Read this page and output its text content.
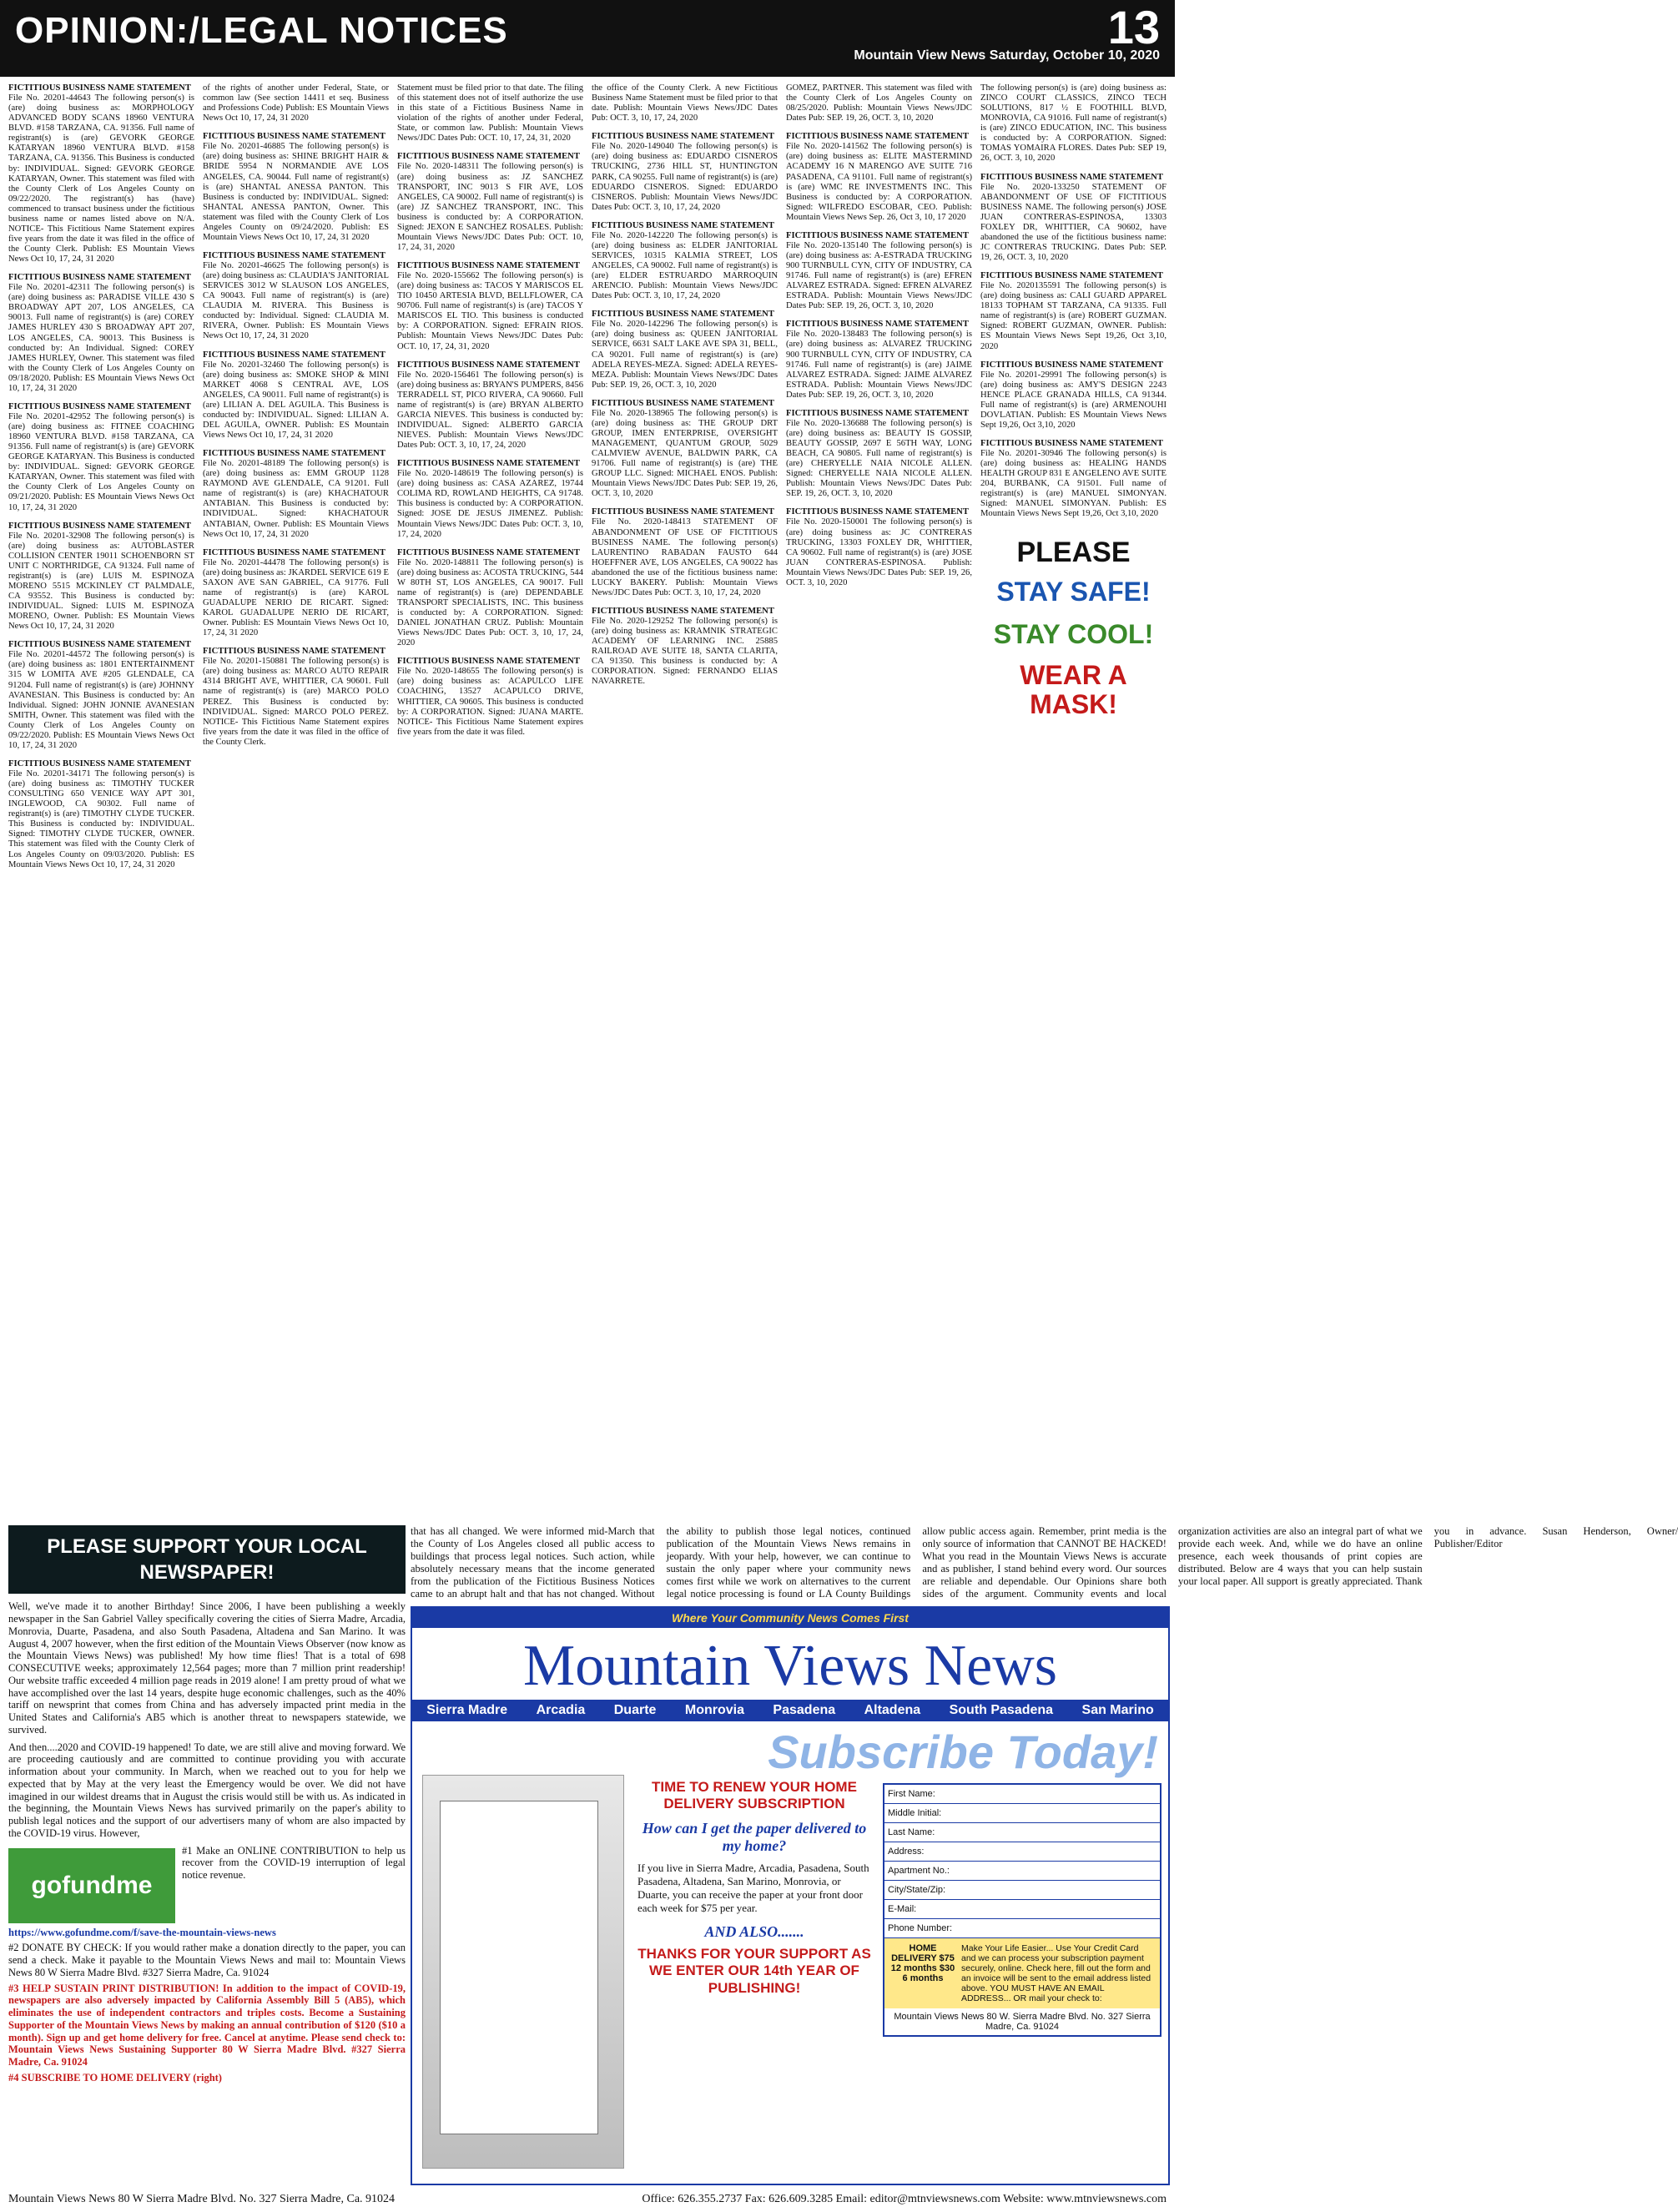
OPINION:/LEGAL NOTICES	13
Mountain View News Saturday, October 10, 2020
FICTITIOUS BUSINESS NAME STATEMENT
File No. 20201-44643 The following person(s) is (are) doing business as: MORPHOLOGY ADVANCED BODY SCANS 18960 VENTURA BLVD. #158 TARZANA, CA. 91356. Full name of registrant(s) is (are) GEVORK GEORGE KATARYAN 18960 VENTURA BLVD. #158 TARZANA, CA. 91356. This Business is conducted by: INDIVIDUAL. Signed: GEVORK GEORGE KATARYAN, Owner. This statement was filed with the County Clerk of Los Angeles County on 09/22/2020. The registrant(s) has (have) commenced to transact business under the fictitious business name or names listed above on N/A. NOTICE- This Fictitious Name Statement expires five years from the date it was filed in the office of the County Clerk. Publish: ES Mountain Views News Oct 10, 17, 24, 31 2020
FICTITIOUS BUSINESS NAME STATEMENT
File No. 20201-42311 The following person(s) is (are) doing business as: PARADISE VILLE 430 S BROADWAY APT 207, LOS ANGELES, CA 90013. Full name of registrant(s) is (are) COREY JAMES HURLEY 430 S BROADWAY APT 207, LOS ANGELES, CA. 90013. This Business is conducted by: An Individual. Signed: COREY JAMES HURLEY, Owner. This statement was filed with the County Clerk of Los Angeles County on 09/18/2020. Publish: ES Mountain Views News Oct 10, 17, 24, 31 2020
FICTITIOUS BUSINESS NAME STATEMENT
File No. 20201-42952 The following person(s) is (are) doing business as: FITNEE COACHING 18960 VENTURA BLVD. #158 TARZANA, CA 91356. Full name of registrant(s) is (are) GEVORK GEORGE KATARYAN. This Business is conducted by: INDIVIDUAL. Signed: GEVORK GEORGE KATARYAN, Owner. This statement was filed with the County Clerk of Los Angeles County on 09/21/2020. Publish: ES Mountain Views News Oct 10, 17, 24, 31 2020
FICTITIOUS BUSINESS NAME STATEMENT
File No. 20201-32908 The following person(s) is (are) doing business as: AUTOBLASTER COLLISION CENTER 19011 SCHOENBORN ST UNIT C NORTHRIDGE, CA 91324. Full name of registrant(s) is (are) LUIS M. ESPINOZA MORENO 5515 MCKINLEY CT PALMDALE, CA 93552. This Business is conducted by: INDIVIDUAL. Signed: LUIS M. ESPINOZA MORENO, Owner. Publish: ES Mountain Views News Oct 10, 17, 24, 31 2020
FICTITIOUS BUSINESS NAME STATEMENT
File No. 20201-44572 The following person(s) is (are) doing business as: 1801 ENTERTAINMENT 315 W LOMITA AVE #205 GLENDALE, CA 91204. Full name of registrant(s) is (are) JOHNNY AVANESIAN. This Business is conducted by: An Individual. Signed: JOHN JONNIE AVANESIAN SMITH, Owner. This statement was filed with the County Clerk of Los Angeles County on 09/22/2020. Publish: ES Mountain Views News Oct 10, 17, 24, 31 2020
FICTITIOUS BUSINESS NAME STATEMENT
File No. 20201-34171 The following person(s) is (are) doing business as: TIMOTHY TUCKER CONSULTING 650 VENICE WAY APT 301, INGLEWOOD, CA 90302. Full name of registrant(s) is (are) TIMOTHY CLYDE TUCKER. This Business is conducted by: INDIVIDUAL. Signed: TIMOTHY CLYDE TUCKER, OWNER. This statement was filed with the County Clerk of Los Angeles County on 09/03/2020. Publish: ES Mountain Views News Oct 10, 17, 24, 31 2020
of the rights of another under Federal, State, or common law (See section 14411 et seq. Business and Professions Code) Publish: ES Mountain Views News Oct 10, 17, 24, 31 2020
FICTITIOUS BUSINESS NAME STATEMENT
File No. 20201-46885 The following person(s) is (are) doing business as: SHINE BRIGHT HAIR & BRIDE 5954 N NORMANDIE AVE LOS ANGELES, CA. 90044. Full name of registrant(s) is (are) SHANTAL ANESSA PANTON. This Business is conducted by: INDIVIDUAL. Signed: SHANTAL ANESSA PANTON, Owner. This statement was filed with the County Clerk of Los Angeles County on 09/24/2020. Publish: ES Mountain Views News Oct 10, 17, 24, 31 2020
FICTITIOUS BUSINESS NAME STATEMENT
File No. 20201-46625 The following person(s) is (are) doing business as: CLAUDIA'S JANITORIAL SERVICES 3012 W SLAUSON LOS ANGELES, CA 90043. Full name of registrant(s) is (are) CLAUDIA M. RIVERA. This Business is conducted by: Individual. Signed: CLAUDIA M. RIVERA, Owner. Publish: ES Mountain Views News Oct 10, 17, 24, 31 2020
FICTITIOUS BUSINESS NAME STATEMENT
File No. 20201-32460 The following person(s) is (are) doing business as: SMOKE SHOP & MINI MARKET 4068 S CENTRAL AVE, LOS ANGELES, CA 90011. Full name of registrant(s) is (are) LILIAN A. DEL AGUILA. This Business is conducted by: INDIVIDUAL. Signed: LILIAN A. DEL AGUILA, OWNER. Publish: ES Mountain Views News Oct 10, 17, 24, 31 2020
FICTITIOUS BUSINESS NAME STATEMENT
File No. 20201-48189 The following person(s) is (are) doing business as: EMM GROUP 1128 RAYMOND AVE GLENDALE, CA 91201. Full name of registrant(s) is (are) KHACHATOUR ANTABIAN. This Business is conducted by: INDIVIDUAL. Signed: KHACHATOUR ANTABIAN, Owner. Publish: ES Mountain Views News Oct 10, 17, 24, 31 2020
FICTITIOUS BUSINESS NAME STATEMENT
File No. 20201-44478 The following person(s) is (are) doing business as: JKARDEL SERVICE 619 E SAXON AVE SAN GABRIEL, CA 91776. Full name of registrant(s) is (are) KAROL GUADALUPE NERIO DE RICART. Signed: KAROL GUADALUPE NERIO DE RICART, Owner. Publish: ES Mountain Views News Oct 10, 17, 24, 31 2020
FICTITIOUS BUSINESS NAME STATEMENT
File No. 20201-150881 The following person(s) is (are) doing business as: MARCO AUTO REPAIR 4314 BRIGHT AVE, WHITTIER, CA 90601. Full name of registrant(s) is (are) MARCO POLO PEREZ. This Business is conducted by: INDIVIDUAL. Signed: MARCO POLO PEREZ. NOTICE- This Fictitious Name Statement expires five years from the date it was filed in the office of the County Clerk.
Statement must be filed prior to that date. The filing of this statement does not of itself authorize the use in this state of a Fictitious Business Name in violation of the rights of another under Federal, State, or common law. Publish: Mountain Views News/JDC Dates Pub: OCT. 10, 17, 24, 31, 2020
FICTITIOUS BUSINESS NAME STATEMENT
File No. 2020-148311 The following person(s) is (are) doing business as: JZ SANCHEZ TRANSPORT, INC 9013 S FIR AVE, LOS ANGELES, CA 90002. Full name of registrant(s) is (are) JZ SANCHEZ TRANSPORT, INC. This business is conducted by: A CORPORATION. Signed: JEXON E SANCHEZ ROSALES. Publish: Mountain Views News/JDC Dates Pub: OCT. 10, 17, 24, 31, 2020
FICTITIOUS BUSINESS NAME STATEMENT
File No. 2020-155662 The following person(s) is (are) doing business as: TACOS Y MARISCOS EL TIO 10450 ARTESIA BLVD, BELLFLOWER, CA 90706. Full name of registrant(s) is (are) TACOS Y MARISCOS EL TIO. This business is conducted by: A CORPORATION. Signed: EFRAIN RIOS. Publish: Mountain Views News/JDC Dates Pub: OCT. 10, 17, 24, 31, 2020
FICTITIOUS BUSINESS NAME STATEMENT
File No. 2020-156461 The following person(s) is (are) doing business as: BRYAN'S PUMPERS, 8456 TERRADELL ST, PICO RIVERA, CA 90660. Full name of registrant(s) is (are) BRYAN ALBERTO GARCIA NIEVES. This business is conducted by: INDIVIDUAL. Signed: ALBERTO GARCIA NIEVES. Publish: Mountain Views News/JDC Dates Pub: OCT. 3, 10, 17, 24, 2020
FICTITIOUS BUSINESS NAME STATEMENT
File No. 2020-148619 The following person(s) is (are) doing business as: CASA AZAREZ, 19744 COLIMA RD, ROWLAND HEIGHTS, CA 91748. This business is conducted by: A CORPORATION. Signed: JOSE DE JESUS JIMENEZ. Publish: Mountain Views News/JDC Dates Pub: OCT. 3, 10, 17, 24, 2020
FICTITIOUS BUSINESS NAME STATEMENT
File No. 2020-148811 The following person(s) is (are) doing business as: ACOSTA TRUCKING, 544 W 80TH ST, LOS ANGELES, CA 90017. Full name of registrant(s) is (are) DEPENDABLE TRANSPORT SPECIALISTS, INC. This business is conducted by: A CORPORATION. Signed: DANIEL JONATHAN CRUZ. Publish: Mountain Views News/JDC Dates Pub: OCT. 3, 10, 17, 24, 2020
FICTITIOUS BUSINESS NAME STATEMENT
File No. 2020-148655 The following person(s) is (are) doing business as: ACAPULCO LIFE COACHING, 13527 ACAPULCO DRIVE, WHITTIER, CA 90605. This business is conducted by: A CORPORATION. Signed: JUANA MARTE. NOTICE- This Fictitious Name Statement expires five years from the date it was filed.
the office of the County Clerk. A new Fictitious Business Name Statement must be filed prior to that date. Publish: Mountain Views News/JDC Dates Pub: OCT. 3, 10, 17, 24, 2020
FICTITIOUS BUSINESS NAME STATEMENT
File No. 2020-149040 The following person(s) is (are) doing business as: EDUARDO CISNEROS TRUCKING, 2736 HILL ST, HUNTINGTON PARK, CA 90255. Full name of registrant(s) is (are) EDUARDO CISNEROS. Signed: EDUARDO CISNEROS. Publish: Mountain Views News/JDC Dates Pub: OCT. 3, 10, 17, 24, 2020
FICTITIOUS BUSINESS NAME STATEMENT
File No. 2020-142220 The following person(s) is (are) doing business as: ELDER JANITORIAL SERVICES, 10315 KALMIA STREET, LOS ANGELES, CA 90002. Full name of registrant(s) is (are) ELDER ESTRUARDO MARROQUIN ARENCIO. Publish: Mountain Views News/JDC Dates Pub: OCT. 3, 10, 17, 24, 2020
FICTITIOUS BUSINESS NAME STATEMENT
File No. 2020-142296 The following person(s) is (are) doing business as: QUEEN JANITORIAL SERVICE, 6631 SALT LAKE AVE SPA 31, BELL, CA 90201. Full name of registrant(s) is (are) ADELA REYES-MEZA. Signed: ADELA REYES-MEZA. Publish: Mountain Views News/JDC Dates Pub: SEP. 19, 26, OCT. 3, 10, 2020
FICTITIOUS BUSINESS NAME STATEMENT
File No. 2020-138965 The following person(s) is (are) doing business as: THE GROUP DRT GROUP, IMEN ENTERPRISE, OVERSIGHT MANAGEMENT, QUANTUM GROUP, 5029 CALMVIEW AVENUE, BALDWIN PARK, CA 91706. Full name of registrant(s) is (are) THE GROUP LLC. Signed: MICHAEL ENOS. Publish: Mountain Views News/JDC Dates Pub: SEP. 19, 26, OCT. 3, 10, 2020
FICTITIOUS BUSINESS NAME STATEMENT
File No. 2020-148413 STATEMENT OF ABANDONMENT OF USE OF FICTITIOUS BUSINESS NAME. The following person(s) LAURENTINO RABADAN FAUSTO 644 HOEFFNER AVE, LOS ANGELES, CA 90022 has abandoned the use of the fictitious business name: LUCKY BAKERY. Publish: Mountain Views News/JDC Dates Pub: OCT. 3, 10, 17, 24, 2020
FICTITIOUS BUSINESS NAME STATEMENT
File No. 2020-129252 The following person(s) is (are) doing business as: KRAMNIK STRATEGIC ACADEMY OF LEARNING INC. 25885 RAILROAD AVE SUITE 18, SANTA CLARITA, CA 91350. This business is conducted by: A CORPORATION. Signed: FERNANDO ELIAS NAVARRETE.
GOMEZ, PARTNER. This statement was filed with the County Clerk of Los Angeles County on 08/25/2020. Publish: Mountain Views News/JDC Dates Pub: SEP. 19, 26, OCT. 3, 10, 2020
FICTITIOUS BUSINESS NAME STATEMENT
File No. 2020-141562 The following person(s) is (are) doing business as: ELITE MASTERMIND ACADEMY 16 N MARENGO AVE SUITE 716 PASADENA, CA 91101. Full name of registrant(s) is (are) WMC RE INVESTMENTS INC. This Business is conducted by: A CORPORATION. Signed: WILFREDO ESCOBAR, CEO. Publish: Mountain Views News Sep. 26, Oct 3, 10, 17 2020
FICTITIOUS BUSINESS NAME STATEMENT
File No. 2020-135140 The following person(s) is (are) doing business as: A-ESTRADA TRUCKING 900 TURNBULL CYN, CITY OF INDUSTRY, CA 91746. Full name of registrant(s) is (are) EFREN ALVAREZ ESTRADA. Signed: EFREN ALVAREZ ESTRADA. Publish: Mountain Views News/JDC Dates Pub: SEP. 19, 26, OCT. 3, 10, 2020
FICTITIOUS BUSINESS NAME STATEMENT
File No. 2020-138483 The following person(s) is (are) doing business as: ALVAREZ TRUCKING 900 TURNBULL CYN, CITY OF INDUSTRY, CA 91746. Full name of registrant(s) is (are) JAIME ALVAREZ ESTRADA. Signed: JAIME ALVAREZ ESTRADA. Publish: Mountain Views News/JDC Dates Pub: SEP. 19, 26, OCT. 3, 10, 2020
FICTITIOUS BUSINESS NAME STATEMENT
File No. 2020-136688 The following person(s) is (are) doing business as: BEAUTY IS GOSSIP, BEAUTY GOSSIP, 2697 E 56TH WAY, LONG BEACH, CA 90805. Full name of registrant(s) is (are) CHERYELLE NAIA NICOLE ALLEN. Signed: CHERYELLE NAIA NICOLE ALLEN. Publish: Mountain Views News/JDC Dates Pub: SEP. 19, 26, OCT. 3, 10, 2020
FICTITIOUS BUSINESS NAME STATEMENT
File No. 2020-150001 The following person(s) is (are) doing business as: JC CONTRERAS TRUCKING, 13303 FOXLEY DR, WHITTIER, CA 90602. Full name of registrant(s) is (are) JOSE JUAN CONTRERAS-ESPINOSA. Publish: Mountain Views News/JDC Dates Pub: SEP. 19, 26, OCT. 3, 10, 2020
The following person(s) is (are) doing business as: ZINCO COURT CLASSICS, ZINCO TECH SOLUTIONS, 817 ½ E FOOTHILL BLVD, MONROVIA, CA 91016. Full name of registrant(s) is (are) ZINCO EDUCATION, INC. This business is conducted by: A CORPORATION. Signed: TOMAS YOMAIRA FLORES. Dates Pub: SEP 19, 26, OCT. 3, 10, 2020
FICTITIOUS BUSINESS NAME STATEMENT
File No. 2020-133250 STATEMENT OF ABANDONMENT OF USE OF FICTITIOUS BUSINESS NAME. The following person(s) JOSE JUAN CONTRERAS-ESPINOSA, 13303 FOXLEY DR, WHITTIER, CA 90602, have abandoned the use of the fictitious business name: JC CONTRERAS TRUCKING. Dates Pub: SEP. 19, 26, OCT. 3, 10, 2020
FICTITIOUS BUSINESS NAME STATEMENT
File No. 2020135591 The following person(s) is (are) doing business as: CALI GUARD APPAREL 18133 TOPHAM ST TARZANA, CA 91335. Full name of registrant(s) is (are) ROBERT GUZMAN. Signed: ROBERT GUZMAN, OWNER. Publish: ES Mountain Views News Sept 19,26, Oct 3,10, 2020
FICTITIOUS BUSINESS NAME STATEMENT
File No. 20201-29991 The following person(s) is (are) doing business as: AMY'S DESIGN 2243 HENCE PLACE GRANADA HILLS, CA 91344. Full name of registrant(s) is (are) ARMENOUHI DOVLATIAN. Publish: ES Mountain Views News Sept 19,26, Oct 3,10, 2020
FICTITIOUS BUSINESS NAME STATEMENT
File No. 20201-30946 The following person(s) is (are) doing business as: HEALING HANDS HEALTH GROUP 831 E ANGELENO AVE SUITE 204, BURBANK, CA 91501. Full name of registrant(s) is (are) MANUEL SIMONYAN. Signed: MANUEL SIMONYAN. Publish: ES Mountain Views News Sept 19,26, Oct 3,10, 2020
PLEASE
STAY SAFE!
STAY COOL!
WEAR A MASK!
PLEASE SUPPORT YOUR LOCAL NEWSPAPER!

Well, we've made it to another Birthday! Since 2006, I have been publishing a weekly newspaper in the San Gabriel Valley specifically covering the cities of Sierra Madre, Arcadia, Monrovia, Duarte, Pasadena, and also South Pasadena, Altadena and San Marino. It was August 4, 2007 however, when the first edition of the Mountain Views Observer (now know as the Mountain Views News) was published! My how time flies! That is a total of 698 CONSECUTIVE weeks; approximately 12,564 pages; more than 7 million print readership! Our website traffic exceeded 4 million page reads in 2019 alone! I am pretty proud of what we have accomplished over the last 14 years, despite huge economic challenges, such as the 40% tariff on newsprint that comes from China and has adversely impacted print media in the United States and California's AB5 which is another threat to newspapers statewide, we survived.

And then....2020 and COVID-19 happened! To date, we are still alive and moving forward. We are proceeding cautiously and are committed to continue providing you with accurate information about your community. In March, when we reached out to you for help we expected that by May at the very least the Emergency would be over. We did not have imagined in our wildest dreams that in August the crisis would still be with us. As indicated in the beginning, the Mountain Views News has survived primarily on the paper's ability to publish legal notices and the support of our advertisers many of whom are also impacted by the COVID-19 virus. However,

gofundme

#1 Make an ONLINE CONTRIBUTION to help us recover from the COVID-19 interruption of legal notice revenue.

https://www.gofundme.com/f/save-the-mountain-views-news

#2 DONATE BY CHECK: If you would rather make a donation directly to the paper, you can send a check. Make it payable to the Mountain Views News and mail to: Mountain Views News 80 W Sierra Madre Blvd. #327 Sierra Madre, Ca. 91024

#3 HELP SUSTAIN PRINT DISTRIBUTION! In addition to the impact of COVID-19, newspapers are also adversely impacted by California Assembly Bill 5 (AB5), which eliminates the use of independent contractors and triples costs. Become a Sustaining Supporter of the Mountain Views News by making an annual contribution of $120 ($10 a month). Sign up and get home delivery for free. Cancel at anytime. Please send check to: Mountain Views News Sustaining Supporter 80 W Sierra Madre Blvd. #327 Sierra Madre, Ca. 91024

#4 SUBSCRIBE TO HOME DELIVERY (right)

that has all changed. We were informed mid-March that the County of Los Angeles closed all public access to buildings that process legal notices. Such action, while absolutely necessary means that the income generated from the publication of the Fictitious Business Notices came to an abrupt halt and that has not changed. Without the ability to publish those legal notices, continued publication of the Mountain Views News remains in jeopardy. With your help, however, we can continue to sustain the only paper where your community news comes first while we work on alternatives to the current legal notice processing is found or LA County Buildings allow public access again. Remember, print media is the only source of information that CANNOT BE HACKED! What you read in the Mountain Views News is accurate and as publisher, I stand behind every word. Our sources are reliable and dependable. Our Opinions share both sides of the argument. Community events and local organization activities are also an integral part of what we provide each week. And, while we do have an online presence, each week thousands of print copies are distributed. Below are 4 ways that you can help sustain your local paper. All support is greatly appreciated. Thank you in advance. Susan Henderson, Owner/ Publisher/Editor
Where Your Community News Comes First
Mountain Views News
Sierra Madre Arcadia Duarte Monrovia Pasadena Altadena South Pasadena San Marino
Subscribe Today!
TIME TO RENEW YOUR HOME DELIVERY SUBSCRIPTION
How can I get the paper delivered to my home?
If you live in Sierra Madre, Arcadia, Pasadena, South Pasadena, Altadena, San Marino, Monrovia, or Duarte, you can receive the paper at your front door each week for $75 per year.
AND ALSO.......
THANKS FOR YOUR SUPPORT AS WE ENTER OUR 14th YEAR OF PUBLISHING!
First Name:
Middle Initial:
Last Name:
Address:
Apartment No.:
City/State/Zip:
E-Mail:
Phone Number:
HOME DELIVERY $75 12 months $30 6 months
Make Your Life Easier... Use Your Credit Card and we can process your subscription payment securely, online. Check here, fill out the form and an invoice will be sent to the email address listed above. YOU MUST HAVE AN EMAIL ADDRESS... OR mail your check to:
Mountain Views News 80 W. Sierra Madre Blvd. No. 327 Sierra Madre, Ca. 91024
Mountain Views News 80 W Sierra Madre Blvd. No. 327 Sierra Madre, Ca. 91024	Office: 626.355.2737 Fax: 626.609.3285 Email: editor@mtnviewsnews.com Website: www.mtnviewsnews.com
